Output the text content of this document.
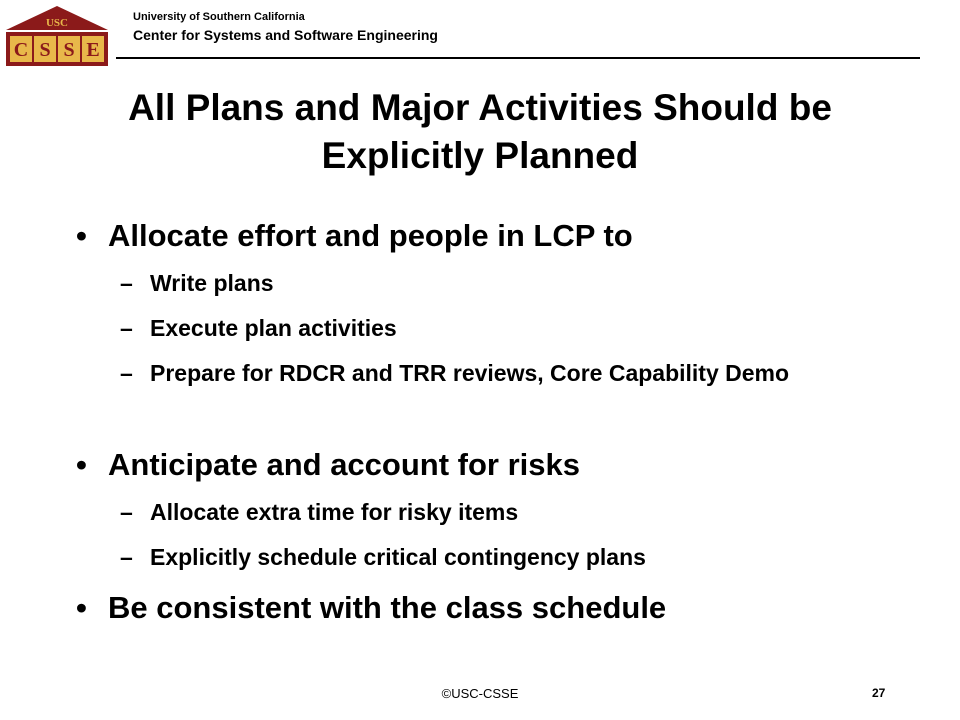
USC
C S S E
University of Southern California
Center for Systems and Software Engineering
All Plans and Major Activities Should be
Explicitly Planned
• Allocate effort and people in LCP to
– Write plans
– Execute plan activities
– Prepare for RDCR and TRR reviews, Core Capability Demo
• Anticipate and account for risks
– Allocate extra time for risky items
– Explicitly schedule critical contingency plans
• Be consistent with the class schedule
©USC-CSSE	27
